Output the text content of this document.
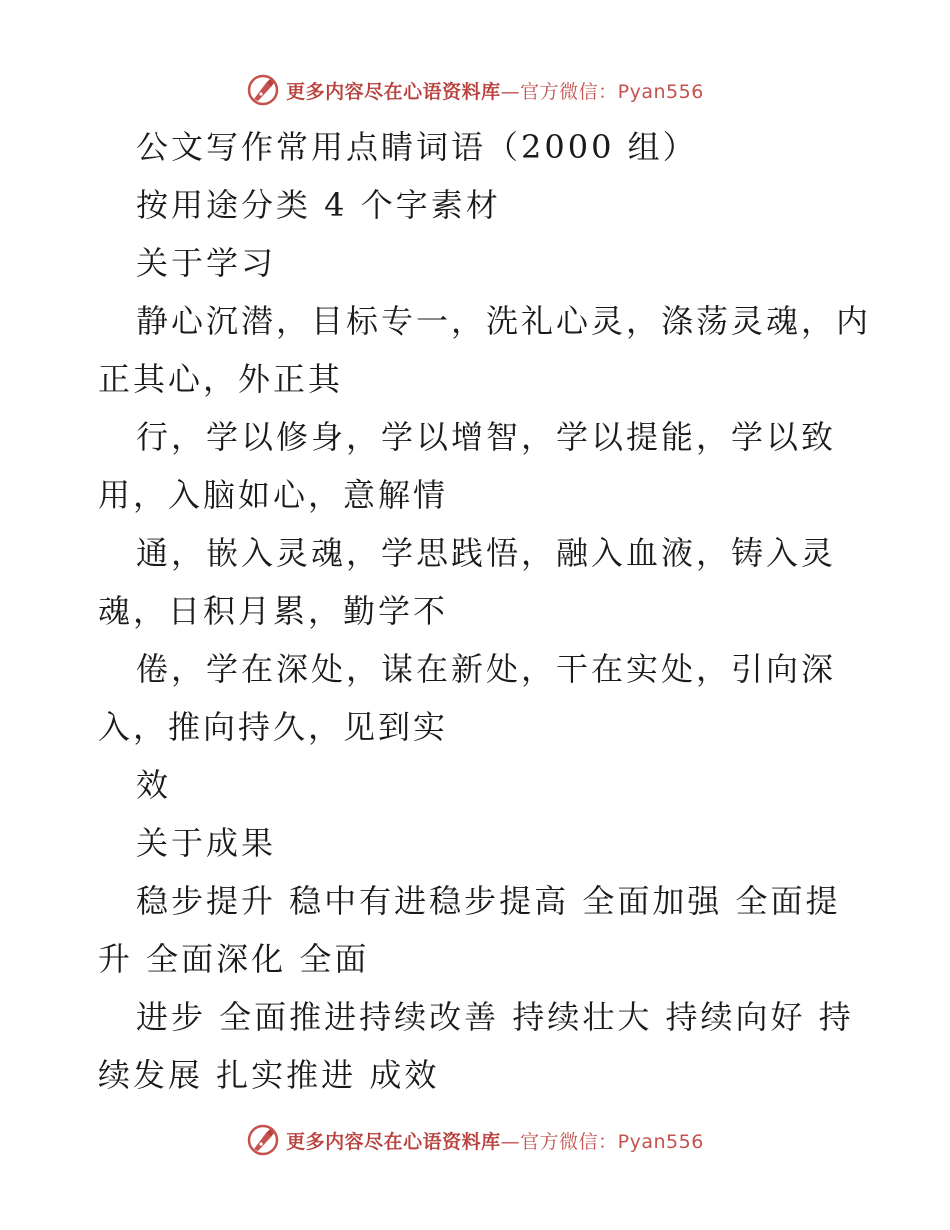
更多内容尽在心语资料库—官方微信：Pyan556
公文写作常用点睛词语（2000 组）
按用途分类 4 个字素材
关于学习
静心沉潜，目标专一，洗礼心灵，涤荡灵魂，内
正其心，外正其
行，学以修身，学以增智，学以提能，学以致
用，入脑如心，意解情
通，嵌入灵魂，学思践悟，融入血液，铸入灵
魂，日积月累，勤学不
倦，学在深处，谋在新处，干在实处，引向深
入，推向持久，见到实
效
关于成果
稳步提升 稳中有进稳步提高 全面加强 全面提
升 全面深化 全面
进步 全面推进持续改善 持续壮大 持续向好 持
续发展 扎实推进 成效
更多内容尽在心语资料库—官方微信：Pyan556
